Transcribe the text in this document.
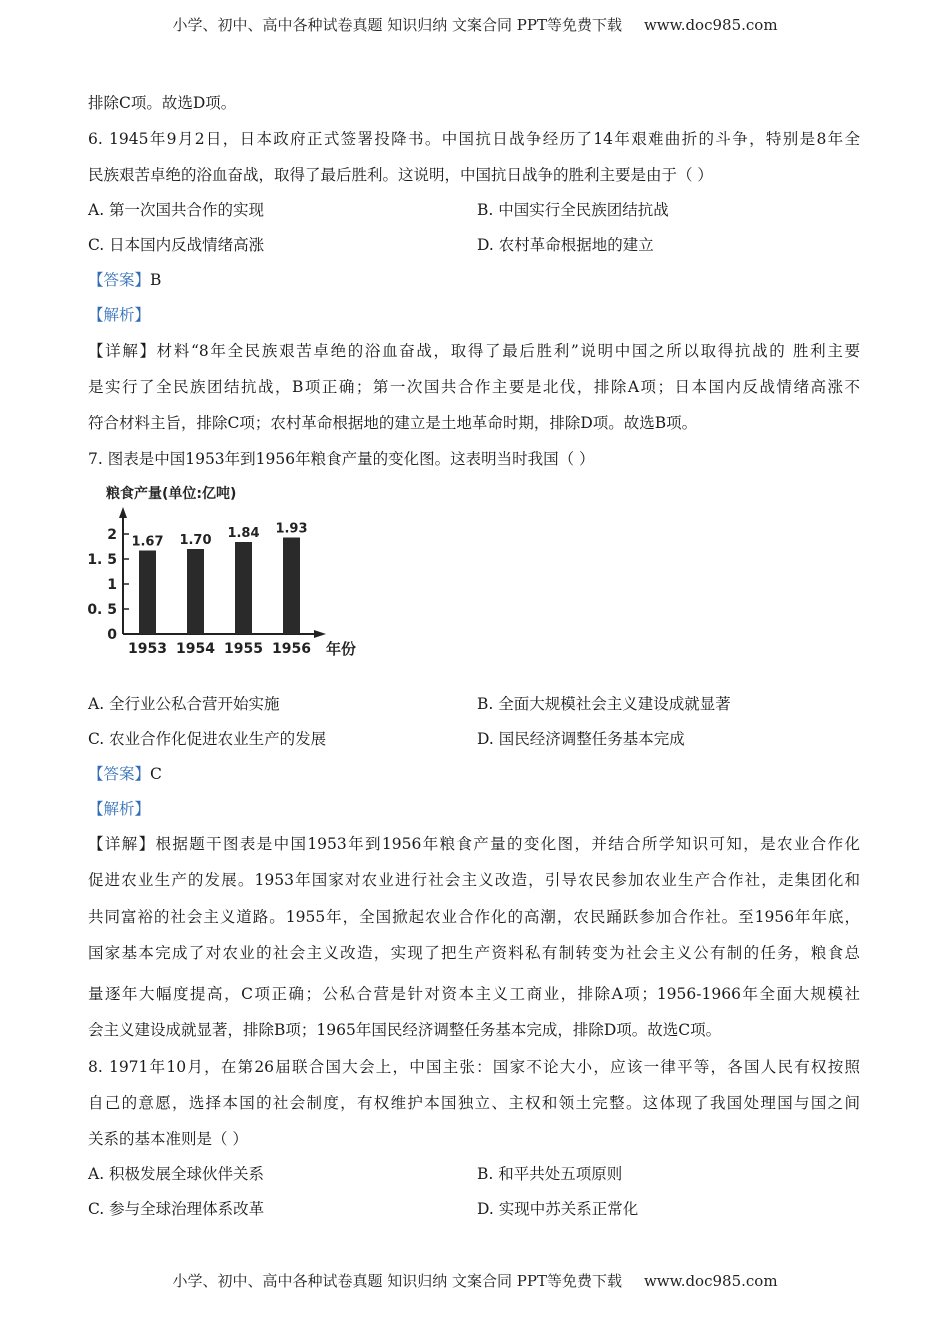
小学、初中、高中各种试卷真题 知识归纳 文案合同 PPT等免费下载 www.doc985.com
排除C项。故选D项。
6. 1945年9月2日，日本政府正式签署投降书。中国抗日战争经历了14年艰难曲折的斗争，特别是8年全
民族艰苦卓绝的浴血奋战，取得了最后胜利。这说明，中国抗日战争的胜利主要是由于（ ）
A. 第一次国共合作的实现	B. 中国实行全民族团结抗战
C. 日本国内反战情绪高涨	D. 农村革命根据地的建立
【答案】B
【解析】
【详解】材料“8年全民族艰苦卓绝的浴血奋战，取得了最后胜利”说明中国之所以取得抗战的 胜利主要
是实行了全民族团结抗战，B项正确；第一次国共合作主要是北伐，排除A项；日本国内反战情绪高涨不
符合材料主旨，排除C项；农村革命根据地的建立是土地革命时期，排除D项。故选B项。
7. 图表是中国1953年到1956年粮食产量的变化图。这表明当时我国（ ）
粮食产量(单位:亿吨)
年份
0
0. 5
1
1. 5
2 1.67
1953
1.70
1954
1.84
1955
1.93
1956
A. 全行业公私合营开始实施	B. 全面大规模社会主义建设成就显著
C. 农业合作化促进农业生产的发展	D. 国民经济调整任务基本完成
【答案】C
【解析】
【详解】根据题干图表是中国1953年到1956年粮食产量的变化图，并结合所学知识可知，是农业合作化
促进农业生产的发展。1953年国家对农业进行社会主义改造，引导农民参加农业生产合作社，走集团化和
共同富裕的社会主义道路。1955年，全国掀起农业合作化的高潮，农民踊跃参加合作社。至1956年年底，
国家基本完成了对农业的社会主义改造，实现了把生产资料私有制转变为社会主义公有制的任务，粮食总
量逐年大幅度提高，C项正确；公私合营是针对资本主义工商业，排除A项；1956-1966年全面大规模社
会主义建设成就显著，排除B项；1965年国民经济调整任务基本完成，排除D项。故选C项。
8. 1971年10月，在第26届联合国大会上，中国主张：国家不论大小，应该一律平等，各国人民有权按照
自己的意愿，选择本国的社会制度，有权维护本国独立、主权和领土完整。这体现了我国处理国与国之间
关系的基本准则是（ ）
A. 积极发展全球伙伴关系	B. 和平共处五项原则
C. 参与全球治理体系改革	D. 实现中苏关系正常化
小学、初中、高中各种试卷真题 知识归纳 文案合同 PPT等免费下载 www.doc985.com
